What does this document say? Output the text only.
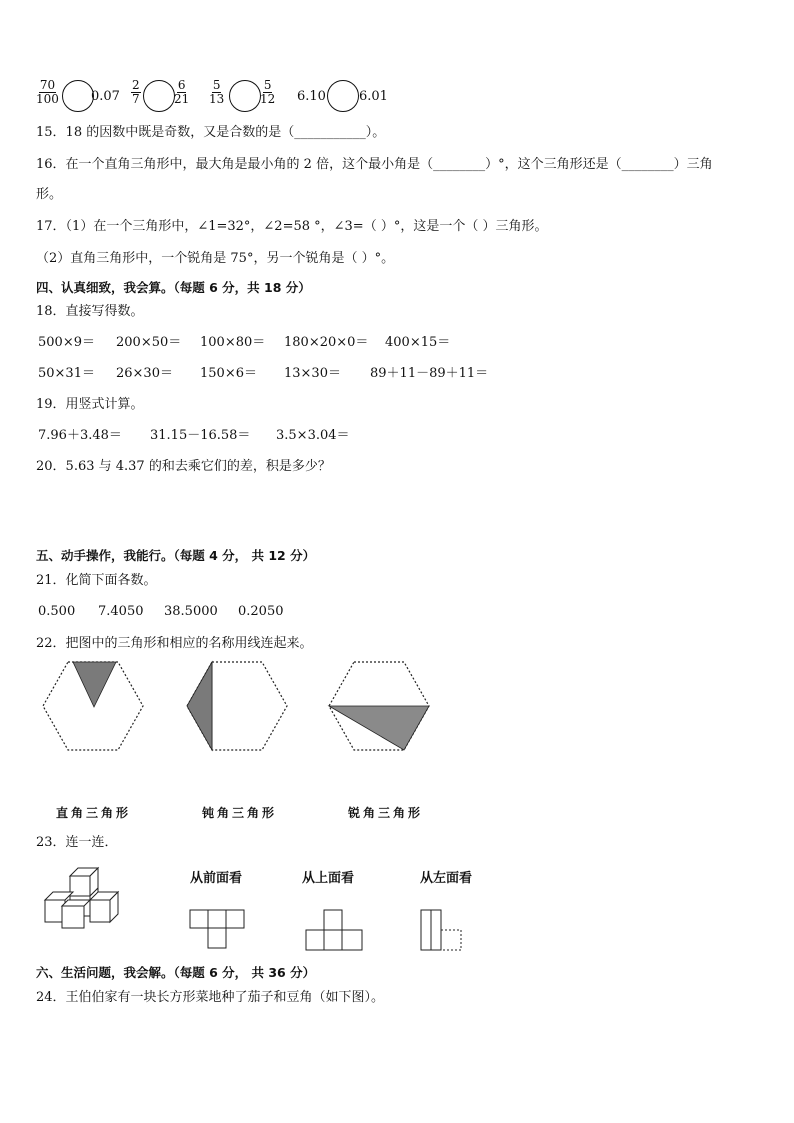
$\frac{70}{100} 0.07 \frac{2}{7}$	$\frac{6}{21} \frac{5}{13}$	$\frac{5}{12} 6.10$	6.01
15．18 的因数中既是奇数，又是合数的是（___________）。
16．在一个直角三角形中，最大角是最小角的 2 倍，这个最小角是（________）°，这个三角形还是（________）三角
形。
17．（1）在一个三角形中，∠1=32°，∠2=58 °，∠3=（ ）°，这是一个（ ）三角形。
（2）直角三角形中，一个锐角是 75°，另一个锐角是（ ）°。
四、认真细致，我会算。（每题 6 分，共 18 分）
18．直接写得数。
500×9＝ 200×50＝ 100×80＝ 180×20×0＝ 400×15＝
50×31＝ 26×30＝ 150×6＝ 13×30＝ 89＋11－89＋11＝
19．用竖式计算。
7.96＋3.48＝ 31.15－16.58＝ 3.5×3.04＝
20．5.63 与 4.37 的和去乘它们的差，积是多少？
五、动手操作，我能行。（每题 4 分， 共 12 分）
21．化简下面各数。
0.500 7.4050 38.5000 0.2050
22．把图中的三角形和相应的名称用线连起来。
直角三角形	钝角三角形	锐角三角形
23．连一连．
从前面看	从上面看	从左面看
六、生活问题，我会解。（每题 6 分， 共 36 分）
24．王伯伯家有一块长方形菜地种了茄子和豆角（如下图）。
